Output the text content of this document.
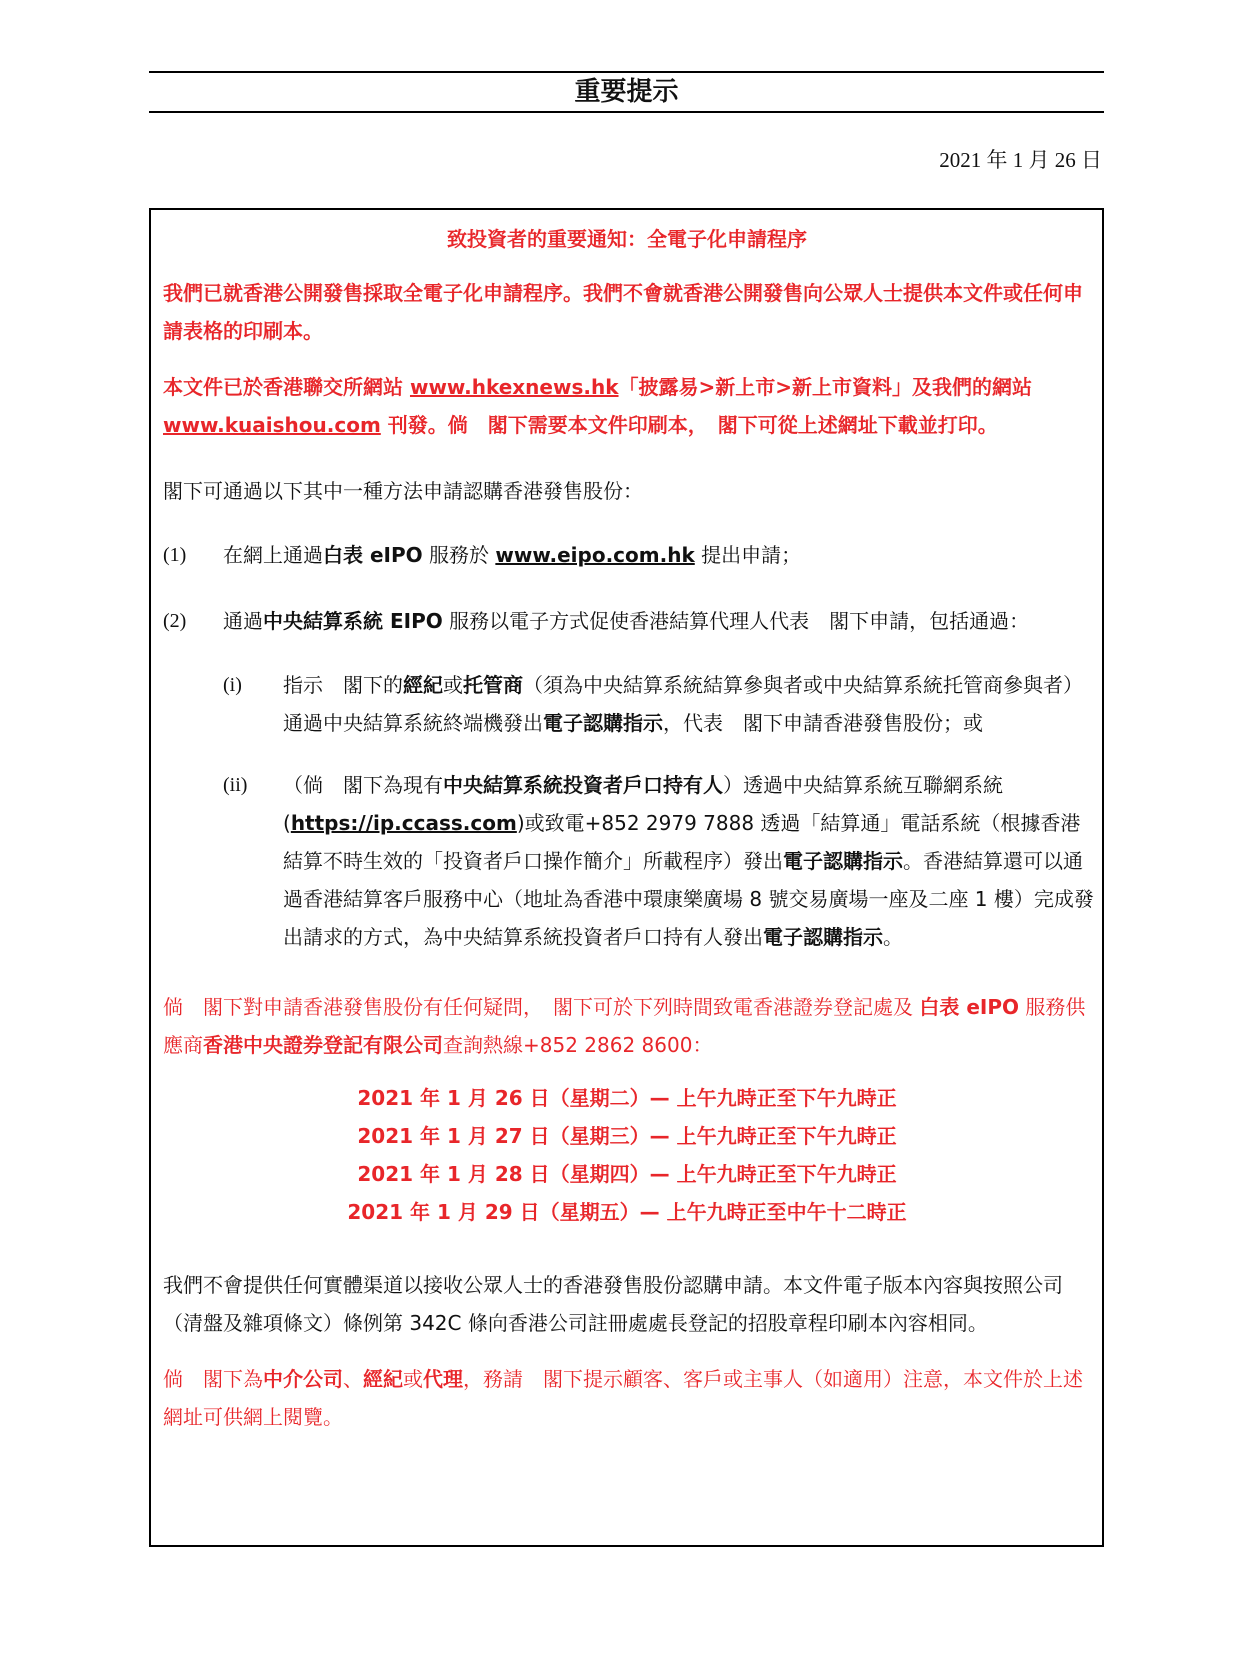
重要提示
2021 年 1 月 26 日
致投資者的重要通知：全電子化申請程序
我們已就香港公開發售採取全電子化申請程序。我們不會就香港公開發售向公眾人士提供本文件或任何申請表格的印刷本。
本文件已於香港聯交所網站 www.hkexnews.hk「披露易>新上市>新上市資料」及我們的網站
www.kuaishou.com 刊發。倘　閣下需要本文件印刷本，　閣下可從上述網址下載並打印。
閣下可通過以下其中一種方法申請認購香港發售股份：
(1) 在網上通過白表 eIPO 服務於 www.eipo.com.hk 提出申請；
(2) 通過中央結算系統 EIPO 服務以電子方式促使香港結算代理人代表　閣下申請，包括通過：
(i) 指示　閣下的經紀或托管商（須為中央結算系統結算參與者或中央結算系統托管商參與者）通過中央結算系統終端機發出電子認購指示，代表　閣下申請香港發售股份；或
(ii) （倘　閣下為現有中央結算系統投資者戶口持有人）透過中央結算系統互聯網系統(https://ip.ccass.com)或致電+852 2979 7888 透過「結算通」電話系統（根據香港結算不時生效的「投資者戶口操作簡介」所載程序）發出電子認購指示。香港結算還可以通過香港結算客戶服務中心（地址為香港中環康樂廣場 8 號交易廣場一座及二座 1 樓）完成發出請求的方式，為中央結算系統投資者戶口持有人發出電子認購指示。
倘　閣下對申請香港發售股份有任何疑問，　閣下可於下列時間致電香港證券登記處及 白表 eIPO 服務供應商香港中央證券登記有限公司查詢熱線+852 2862 8600：
2021 年 1 月 26 日（星期二）— 上午九時正至下午九時正
2021 年 1 月 27 日（星期三）— 上午九時正至下午九時正
2021 年 1 月 28 日（星期四）— 上午九時正至下午九時正
2021 年 1 月 29 日（星期五）— 上午九時正至中午十二時正
我們不會提供任何實體渠道以接收公眾人士的香港發售股份認購申請。本文件電子版本內容與按照公司（清盤及雜項條文）條例第 342C 條向香港公司註冊處處長登記的招股章程印刷本內容相同。
倘　閣下為中介公司、經紀或代理，務請　閣下提示顧客、客戶或主事人（如適用）注意，本文件於上述網址可供網上閱覽。
